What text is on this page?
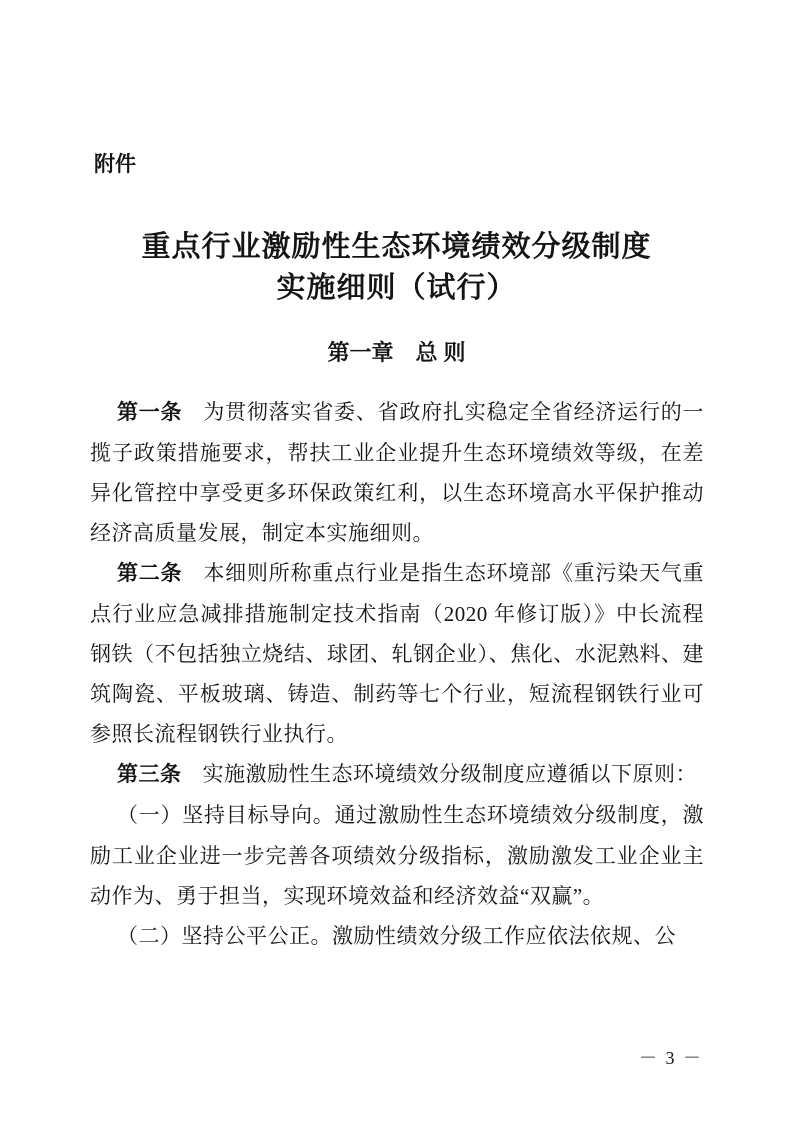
附件
重点行业激励性生态环境绩效分级制度
实施细则（试行）
第一章　总 则

第一条 为贯彻落实省委、省政府扎实稳定全省经济运行的一揽子政策措施要求，帮扶工业企业提升生态环境绩效等级，在差异化管控中享受更多环保政策红利，以生态环境高水平保护推动经济高质量发展，制定本实施细则。

第二条 本细则所称重点行业是指生态环境部《重污染天气重点行业应急减排措施制定技术指南（2020 年修订版）》中长流程钢铁（不包括独立烧结、球团、轧钢企业）、焦化、水泥熟料、建筑陶瓷、平板玻璃、铸造、制药等七个行业，短流程钢铁行业可参照长流程钢铁行业执行。

第三条 实施激励性生态环境绩效分级制度应遵循以下原则：

（一）坚持目标导向。通过激励性生态环境绩效分级制度，激励工业企业进一步完善各项绩效分级指标，激励激发工业企业主动作为、勇于担当，实现环境效益和经济效益“双赢”。

（二）坚持公平公正。激励性绩效分级工作应依法依规、公

－ 3 －
